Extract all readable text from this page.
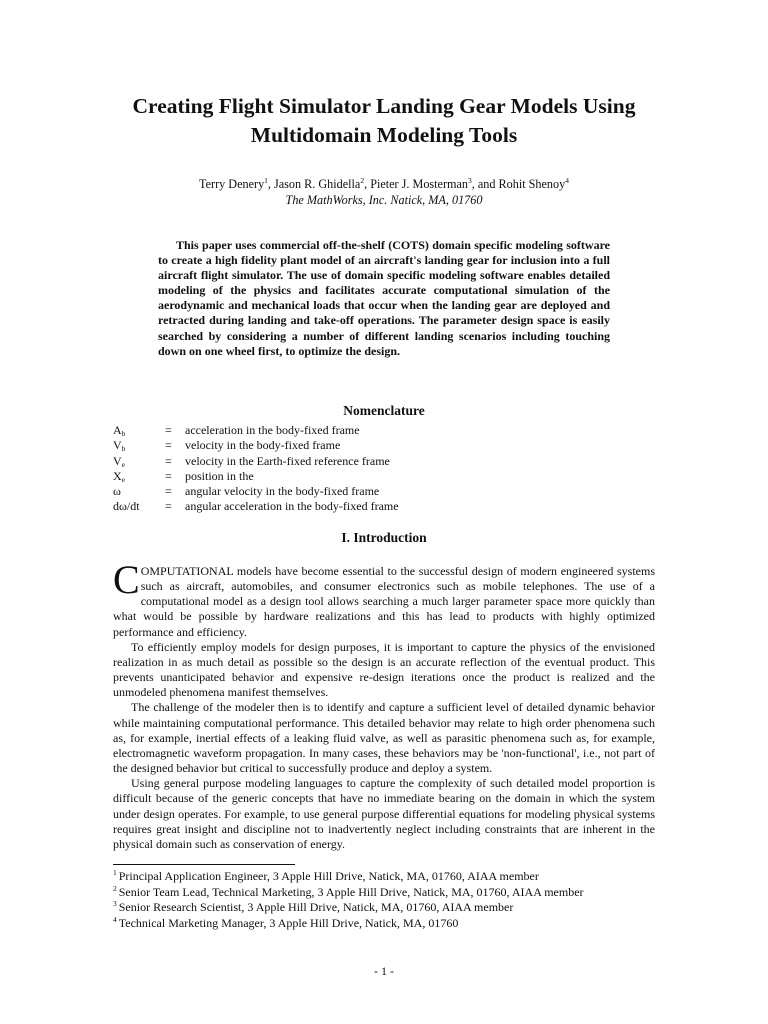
Creating Flight Simulator Landing Gear Models Using
Multidomain Modeling Tools
Terry Denery$^1$, Jason R. Ghidella$^2$, Pieter J. Mosterman$^3$, and Rohit Shenoy$^4$
The MathWorks, Inc. Natick, MA, 01760

This paper uses commercial off-the-shelf (COTS) domain specific modeling software to create a high fidelity plant model of an aircraft's landing gear for inclusion into a full aircraft flight simulator. The use of domain specific modeling software enables detailed modeling of the physics and facilitates accurate computational simulation of the aerodynamic and mechanical loads that occur when the landing gear are deployed and retracted during landing and take-off operations. The parameter design space is easily searched by considering a number of different landing scenarios including touching down on one wheel first, to optimize the design.

Nomenclature
$A_b$	=	acceleration in the body-fixed frame
$V_b$	=	velocity in the body-fixed frame
$V_e$	=	velocity in the Earth-fixed reference frame
$X_e$	=	position in the
ω	=	angular velocity in the body-fixed frame
dω/dt	=	angular acceleration in the body-fixed frame
I. Introduction

COMPUTATIONAL models have become essential to the successful design of modern engineered systems such as aircraft, automobiles, and consumer electronics such as mobile telephones. The use of a computational model as a design tool allows searching a much larger parameter space more quickly than what would be possible by hardware realizations and this has lead to products with highly optimized performance and efficiency.

To efficiently employ models for design purposes, it is important to capture the physics of the envisioned realization in as much detail as possible so the design is an accurate reflection of the eventual product. This prevents unanticipated behavior and expensive re-design iterations once the product is realized and the unmodeled phenomena manifest themselves.

The challenge of the modeler then is to identify and capture a sufficient level of detailed dynamic behavior while maintaining computational performance. This detailed behavior may relate to high order phenomena such as, for example, inertial effects of a leaking fluid valve, as well as parasitic phenomena such as, for example, electromagnetic waveform propagation. In many cases, these behaviors may be 'non-functional', i.e., not part of the designed behavior but critical to successfully produce and deploy a system.

Using general purpose modeling languages to capture the complexity of such detailed model proportion is difficult because of the generic concepts that have no immediate bearing on the domain in which the system under design operates. For example, to use general purpose differential equations for modeling physical systems requires great insight and discipline not to inadvertently neglect including constraints that are inherent in the physical domain such as conservation of energy.

$^1$ Principal Application Engineer, 3 Apple Hill Drive, Natick, MA, 01760, AIAA member
$^2$ Senior Team Lead, Technical Marketing, 3 Apple Hill Drive, Natick, MA, 01760, AIAA member
$^3$ Senior Research Scientist, 3 Apple Hill Drive, Natick, MA, 01760, AIAA member
$^4$ Technical Marketing Manager, 3 Apple Hill Drive, Natick, MA, 01760
- 1 -
